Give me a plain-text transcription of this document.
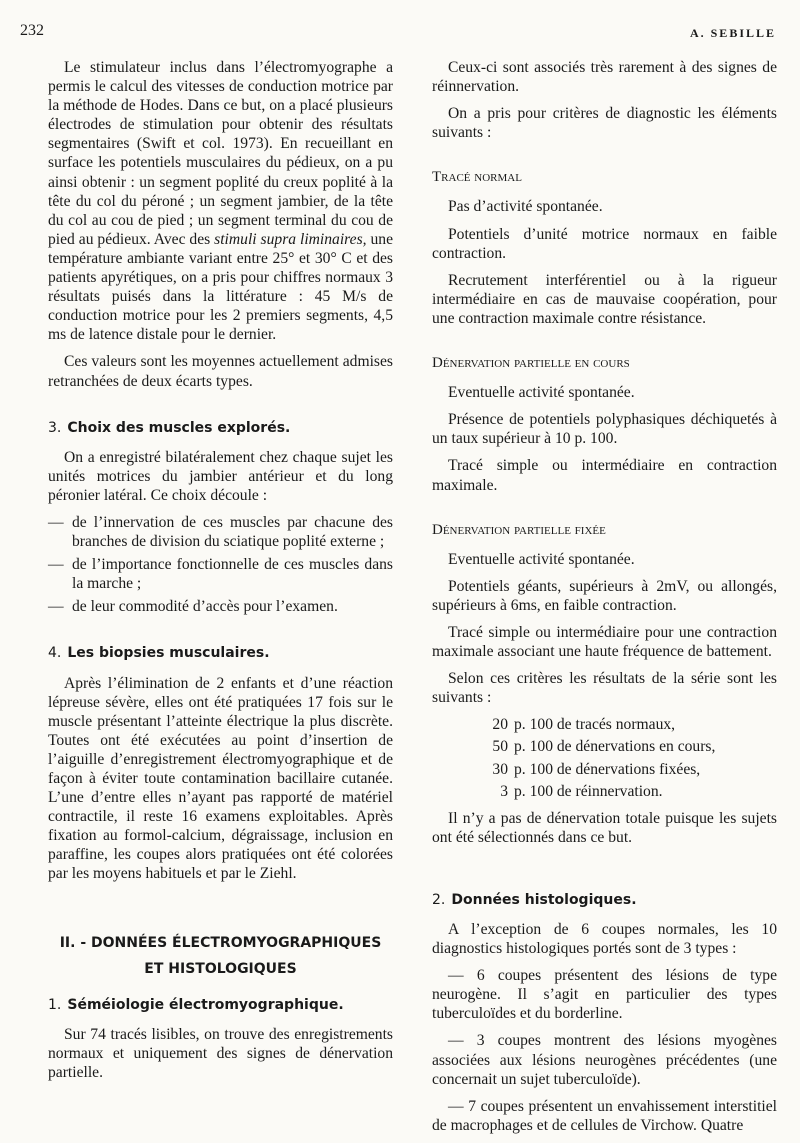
232	A. SEBILLE

Le stimulateur inclus dans l’électromyographe a permis le calcul des vitesses de conduction motrice par la méthode de Hodes. Dans ce but, on a placé plusieurs électrodes de stimulation pour obtenir des résultats segmentaires (Swift et col. 1973). En recueillant en surface les potentiels musculaires du pédieux, on a pu ainsi obtenir : un segment poplité du creux poplité à la tête du col du péroné ; un segment jambier, de la tête du col au cou de pied ; un segment terminal du cou de pied au pédieux. Avec des stimuli supra liminaires, une température ambiante variant entre 25° et 30° C et des patients apyrétiques, on a pris pour chiffres normaux 3 résultats puisés dans la littérature : 45 M/s de conduction motrice pour les 2 premiers segments, 4,5 ms de latence distale pour le dernier.

Ces valeurs sont les moyennes actuellement admises retranchées de deux écarts types.

3. Choix des muscles explorés.

On a enregistré bilatéralement chez chaque sujet les unités motrices du jambier antérieur et du long péronier latéral. Ce choix découle :

— de l’innervation de ces muscles par chacune des branches de division du sciatique poplité externe ;
— de l’importance fonctionnelle de ces muscles dans la marche ;
— de leur commodité d’accès pour l’examen.
4. Les biopsies musculaires.

Après l’élimination de 2 enfants et d’une réaction lépreuse sévère, elles ont été pratiquées 17 fois sur le muscle présentant l’atteinte électrique la plus discrète. Toutes ont été exécutées au point d’insertion de l’aiguille d’enregistrement électromyographique et de façon à éviter toute contamination bacillaire cutanée. L’une d’entre elles n’ayant pas rapporté de matériel contractile, il reste 16 examens exploitables. Après fixation au formol-calcium, dégraissage, inclusion en paraffine, les coupes alors pratiquées ont été colorées par les moyens habituels et par le Ziehl.

II. - DONNÉES ÉLECTROMYOGRAPHIQUES
ET HISTOLOGIQUES
1. Séméiologie électromyographique.

Sur 74 tracés lisibles, on trouve des enregistrements normaux et uniquement des signes de dénervation partielle.

Ceux-ci sont associés très rarement à des signes de réinnervation.

On a pris pour critères de diagnostic les éléments suivants :

Tracé normal

Pas d’activité spontanée.

Potentiels d’unité motrice normaux en faible contraction.

Recrutement interférentiel ou à la rigueur intermédiaire en cas de mauvaise coopération, pour une contraction maximale contre résistance.

Dénervation partielle en cours

Eventuelle activité spontanée.

Présence de potentiels polyphasiques déchiquetés à un taux supérieur à 10 p. 100.

Tracé simple ou intermédiaire en contraction maximale.

Dénervation partielle fixée

Eventuelle activité spontanée.

Potentiels géants, supérieurs à 2mV, ou allongés, supérieurs à 6ms, en faible contraction.

Tracé simple ou intermédiaire pour une contraction maximale associant une haute fréquence de battement.

Selon ces critères les résultats de la série sont les suivants :

20 p. 100 de tracés normaux,
50 p. 100 de dénervations en cours,
30 p. 100 de dénervations fixées,
3 p. 100 de réinnervation.

Il n’y a pas de dénervation totale puisque les sujets ont été sélectionnés dans ce but.

2. Données histologiques.

A l’exception de 6 coupes normales, les 10 diagnostics histologiques portés sont de 3 types :

— 6 coupes présentent des lésions de type neurogène. Il s’agit en particulier des types tuberculoïdes et du borderline.

— 3 coupes montrent des lésions myogènes associées aux lésions neurogènes précédentes (une concernait un sujet tuberculoïde).

— 7 coupes présentent un envahissement interstitiel de macrophages et de cellules de Virchow. Quatre
